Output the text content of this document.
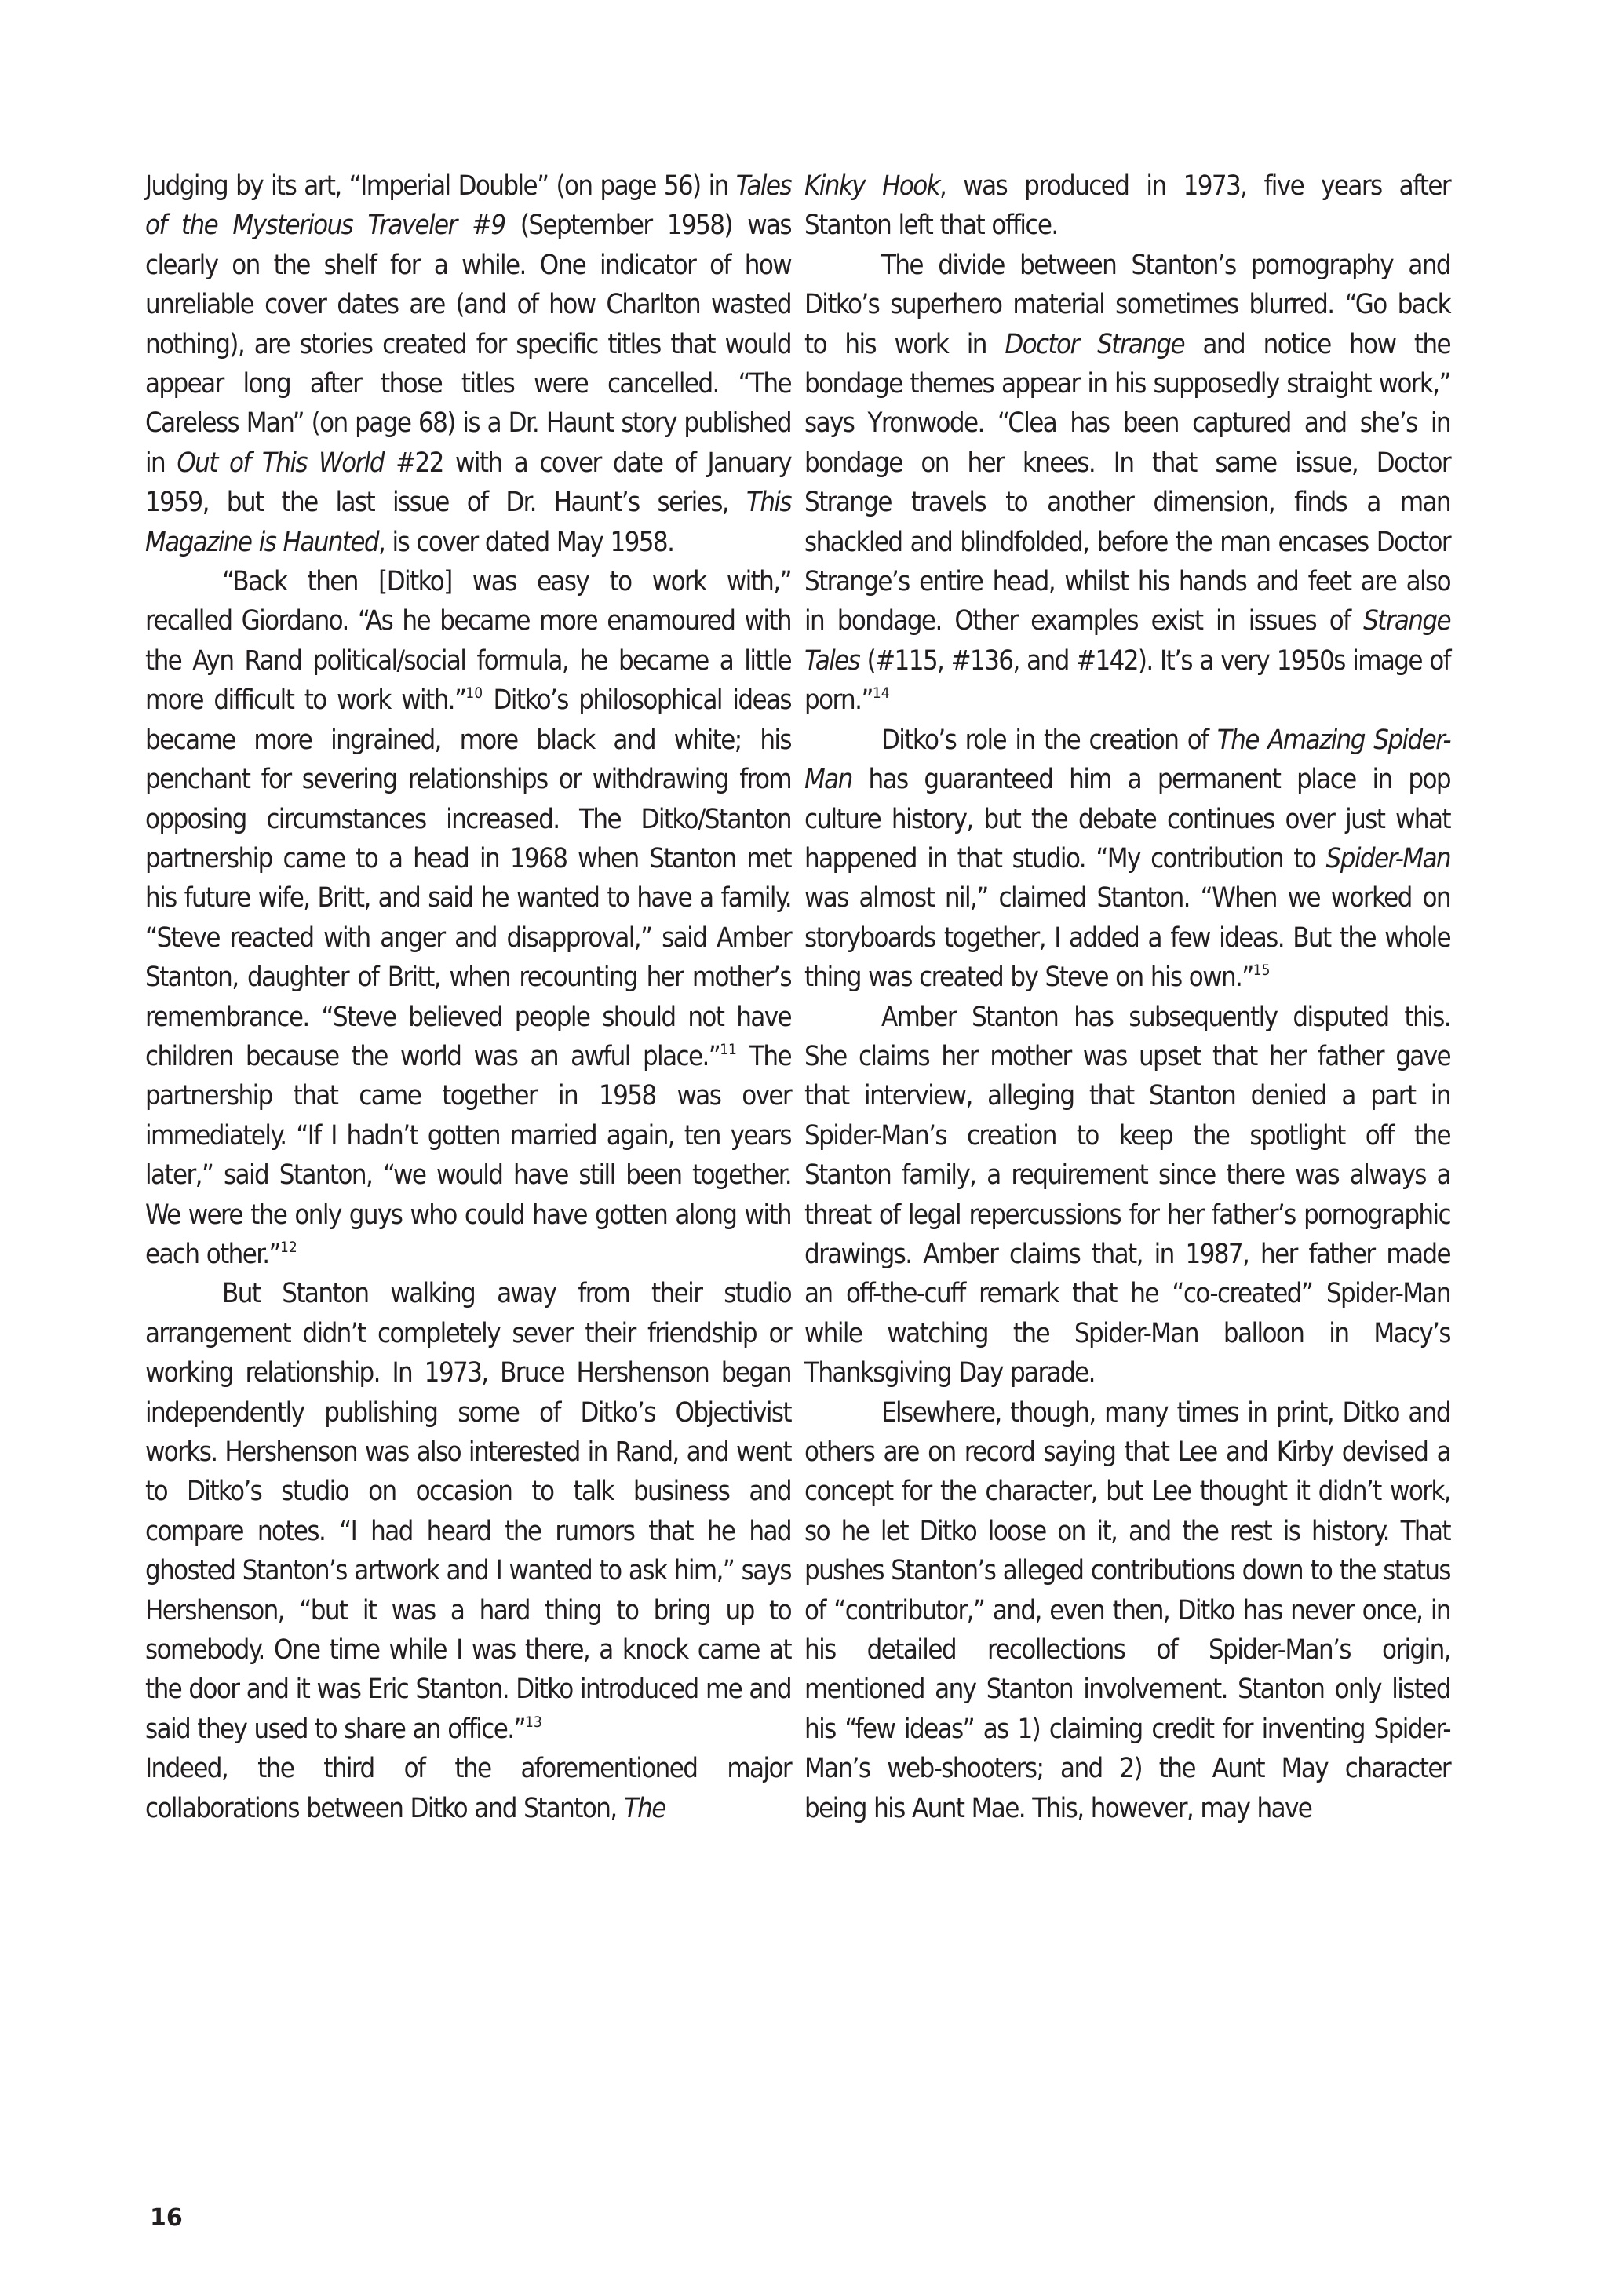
Judging by its art, “Imperial Double” (on page 56) in Tales of the Mysterious Traveler #9 (September 1958) was clearly on the shelf for a while. One indicator of how unreliable cover dates are (and of how Charlton wasted nothing), are stories created for specific titles that would appear long after those titles were cancelled. “The Careless Man” (on page 68) is a Dr. Haunt story published in Out of This World #22 with a cover date of January 1959, but the last issue of Dr. Haunt’s series, This Magazine is Haunted, is cover dated May 1958.

“Back then [Ditko] was easy to work with,” recalled Giordano. “As he became more enamoured with the Ayn Rand political/social formula, he became a little more difficult to work with.”$^{10}$ Ditko’s philosophical ideas became more ingrained, more black and white; his penchant for severing relationships or withdrawing from opposing circumstances increased. The Ditko/Stanton partnership came to a head in 1968 when Stanton met his future wife, Britt, and said he wanted to have a family. “Steve reacted with anger and disapproval,” said Amber Stanton, daughter of Britt, when recounting her mother’s remembrance. “Steve believed people should not have children because the world was an awful place.”$^{11}$ The partnership that came together in 1958 was over immediately. “If I hadn’t gotten married again, ten years later,” said Stanton, “we would have still been together. We were the only guys who could have gotten along with each other.”$^{12}$

But Stanton walking away from their studio arrangement didn’t completely sever their friendship or working relationship. In 1973, Bruce Hershenson began independently publishing some of Ditko’s Objectivist works. Hershenson was also interested in Rand, and went to Ditko’s studio on occasion to talk business and compare notes. “I had heard the rumors that he had ghosted Stanton’s artwork and I wanted to ask him,” says Hershenson, “but it was a hard thing to bring up to somebody. One time while I was there, a knock came at the door and it was Eric Stanton. Ditko introduced me and said they used to share an office.”$^{13}$

Indeed, the third of the aforementioned major collaborations between Ditko and Stanton, The

Kinky Hook, was produced in 1973, five years after Stanton left that office.

The divide between Stanton’s pornography and Ditko’s superhero material sometimes blurred. “Go back to his work in Doctor Strange and notice how the bondage themes appear in his supposedly straight work,” says Yronwode. “Clea has been captured and she’s in bondage on her knees. In that same issue, Doctor Strange travels to another dimension, finds a man shackled and blindfolded, before the man encases Doctor Strange’s entire head, whilst his hands and feet are also in bondage. Other examples exist in issues of Strange Tales (#115, #136, and #142). It’s a very 1950s image of porn.”$^{14}$

Ditko’s role in the creation of The Amazing Spider-Man has guaranteed him a permanent place in pop culture history, but the debate continues over just what happened in that studio. “My contribution to Spider-Man was almost nil,” claimed Stanton. “When we worked on storyboards together, I added a few ideas. But the whole thing was created by Steve on his own.”$^{15}$

Amber Stanton has subsequently disputed this. She claims her mother was upset that her father gave that interview, alleging that Stanton denied a part in Spider-Man’s creation to keep the spotlight off the Stanton family, a requirement since there was always a threat of legal repercussions for her father’s pornographic drawings. Amber claims that, in 1987, her father made an off-the-cuff remark that he “co-created” Spider-Man while watching the Spider-Man balloon in Macy’s Thanksgiving Day parade.

Elsewhere, though, many times in print, Ditko and others are on record saying that Lee and Kirby devised a concept for the character, but Lee thought it didn’t work, so he let Ditko loose on it, and the rest is history. That pushes Stanton’s alleged contributions down to the status of “contributor,” and, even then, Ditko has never once, in his detailed recollections of Spider-Man’s origin, mentioned any Stanton involvement. Stanton only listed his “few ideas” as 1) claiming credit for inventing Spider-Man’s web-shooters; and 2) the Aunt May character being his Aunt Mae. This, however, may have

16
